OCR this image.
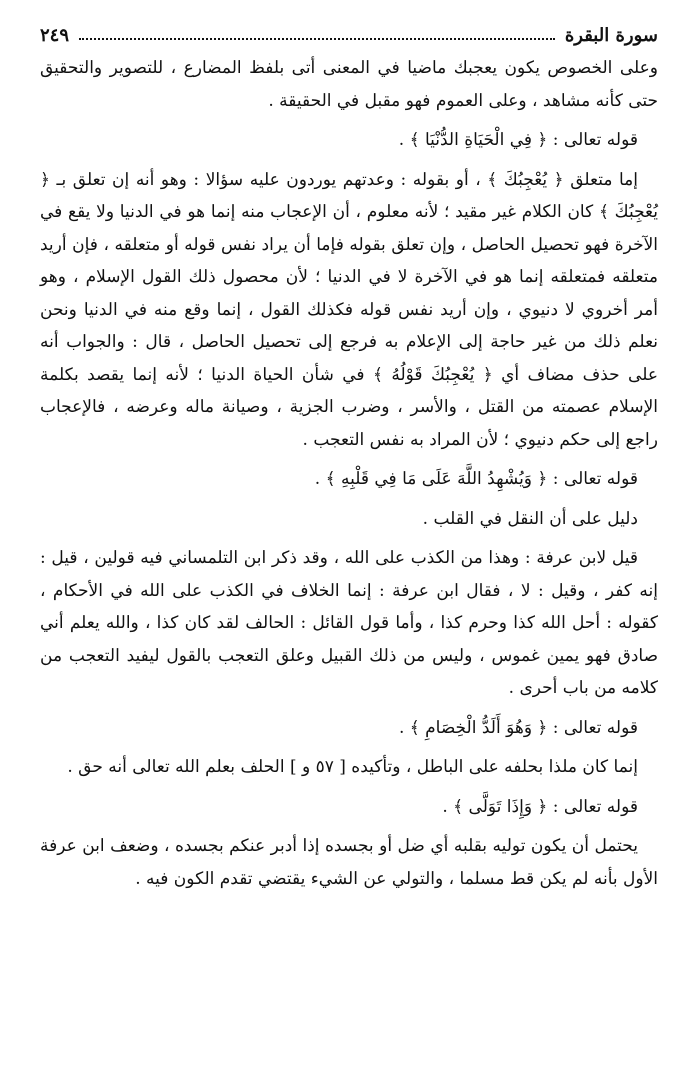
سورة البقرة
٢٤٩

وعلى الخصوص يكون يعجبك ماضيا في المعنى أتى بلفظ المضارع ، للتصوير والتحقيق حتى كأنه مشاهد ، وعلى العموم فهو مقبل في الحقيقة .

قوله تعالى : ﴿ فِي الْحَيَاةِ الدُّنْيَا ﴾ .

إما متعلق ﴿ يُعْجِبُكَ ﴾ ، أو بقوله : وعدتهم يوردون عليه سؤالا : وهو أنه إن تعلق بـ ﴿ يُعْجِبُكَ ﴾ كان الكلام غير مقيد ؛ لأنه معلوم ، أن الإعجاب منه إنما هو في الدنيا ولا يقع في الآخرة فهو تحصيل الحاصل ، وإن تعلق بقوله فإما أن يراد نفس قوله أو متعلقه ، فإن أريد متعلقه فمتعلقه إنما هو في الآخرة لا في الدنيا ؛ لأن محصول ذلك القول الإسلام ، وهو أمر أخروي لا دنيوي ، وإن أريد نفس قوله فكذلك القول ، إنما وقع منه في الدنيا ونحن نعلم ذلك من غير حاجة إلى الإعلام به فرجع إلى تحصيل الحاصل ، قال : والجواب أنه على حذف مضاف أي ﴿ يُعْجِبُكَ قَوْلُهُ ﴾ في شأن الحياة الدنيا ؛ لأنه إنما يقصد بكلمة الإسلام عصمته من القتل ، والأسر ، وضرب الجزية ، وصيانة ماله وعرضه ، فالإعجاب راجع إلى حكم دنيوي ؛ لأن المراد به نفس التعجب .

قوله تعالى : ﴿ وَيُشْهِدُ اللَّهَ عَلَى مَا فِي قَلْبِهِ ﴾ .

دليل على أن النقل في القلب .

قيل لابن عرفة : وهذا من الكذب على الله ، وقد ذكر ابن التلمساني فيه قولين ، قيل : إنه كفر ، وقيل : لا ، فقال ابن عرفة : إنما الخلاف في الكذب على الله في الأحكام ، كقوله : أحل الله كذا وحرم كذا ، وأما قول القائل : الحالف لقد كان كذا ، والله يعلم أني صادق فهو يمين غموس ، وليس من ذلك القبيل وعلق التعجب بالقول ليفيد التعجب من كلامه من باب أحرى .

قوله تعالى : ﴿ وَهُوَ أَلَدُّ الْخِصَامِ ﴾ .

إنما كان ملذا بحلفه على الباطل ، وتأكيده [ ٥٧ و ] الحلف بعلم الله تعالى أنه حق .

قوله تعالى : ﴿ وَإِذَا تَوَلَّى ﴾ .

يحتمل أن يكون توليه بقلبه أي ضل أو بجسده إذا أدبر عنكم بجسده ، وضعف ابن عرفة الأول بأنه لم يكن قط مسلما ، والتولي عن الشيء يقتضي تقدم الكون فيه .
